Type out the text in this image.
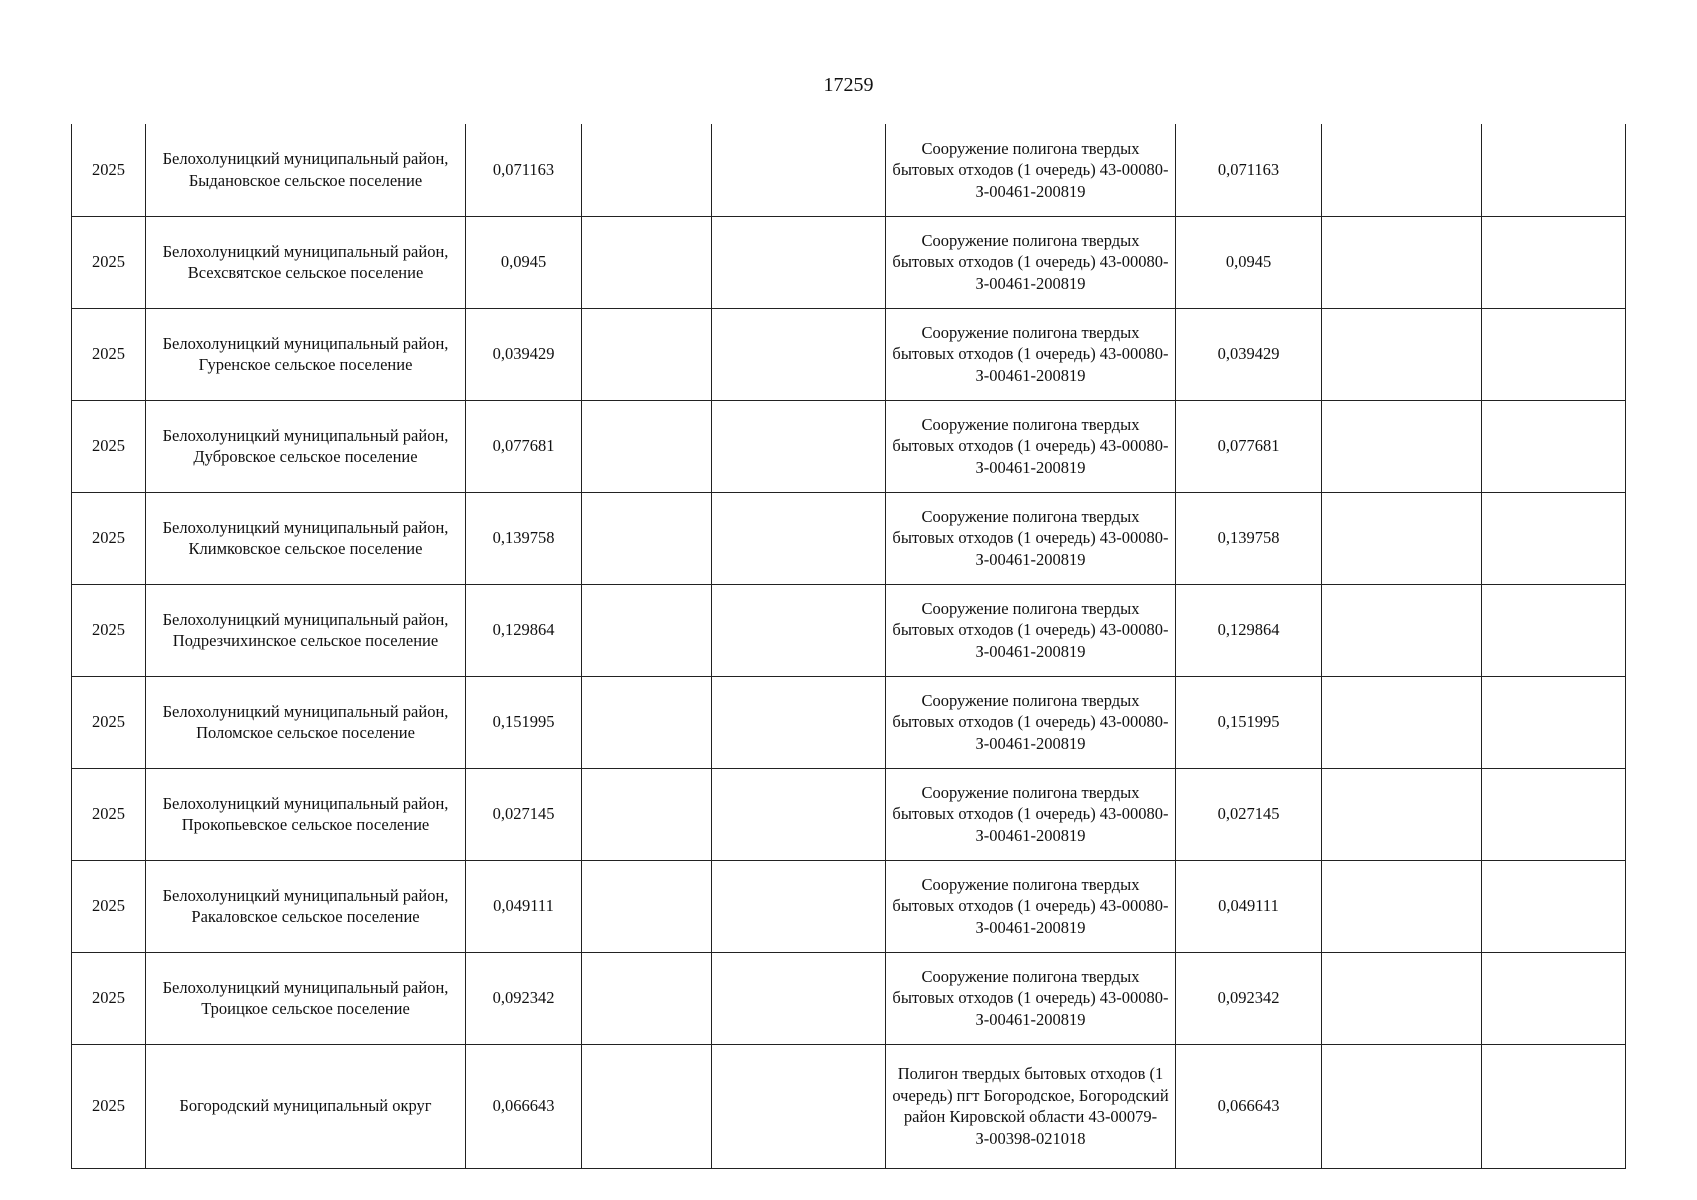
17259
2025	Белохолуницкий муниципальный район, Быдановское сельское поселение	0,071163			Сооружение полигона твердых бытовых отходов (1 очередь) 43-00080-З-00461-200819	0,071163		
2025	Белохолуницкий муниципальный район, Всехсвятское сельское поселение	0,0945			Сооружение полигона твердых бытовых отходов (1 очередь) 43-00080-З-00461-200819	0,0945		
2025	Белохолуницкий муниципальный район, Гуренское сельское поселение	0,039429			Сооружение полигона твердых бытовых отходов (1 очередь) 43-00080-З-00461-200819	0,039429		
2025	Белохолуницкий муниципальный район, Дубровское сельское поселение	0,077681			Сооружение полигона твердых бытовых отходов (1 очередь) 43-00080-З-00461-200819	0,077681		
2025	Белохолуницкий муниципальный район, Климковское сельское поселение	0,139758			Сооружение полигона твердых бытовых отходов (1 очередь) 43-00080-З-00461-200819	0,139758		
2025	Белохолуницкий муниципальный район, Подрезчихинское сельское поселение	0,129864			Сооружение полигона твердых бытовых отходов (1 очередь) 43-00080-З-00461-200819	0,129864		
2025	Белохолуницкий муниципальный район, Поломское сельское поселение	0,151995			Сооружение полигона твердых бытовых отходов (1 очередь) 43-00080-З-00461-200819	0,151995		
2025	Белохолуницкий муниципальный район, Прокопьевское сельское поселение	0,027145			Сооружение полигона твердых бытовых отходов (1 очередь) 43-00080-З-00461-200819	0,027145		
2025	Белохолуницкий муниципальный район, Ракаловское сельское поселение	0,049111			Сооружение полигона твердых бытовых отходов (1 очередь) 43-00080-З-00461-200819	0,049111		
2025	Белохолуницкий муниципальный район, Троицкое сельское поселение	0,092342			Сооружение полигона твердых бытовых отходов (1 очередь) 43-00080-З-00461-200819	0,092342		
2025	Богородский муниципальный округ	0,066643			Полигон твердых бытовых отходов (1 очередь) пгт Богородское, Богородский район Кировской области 43-00079-З-00398-021018	0,066643		
